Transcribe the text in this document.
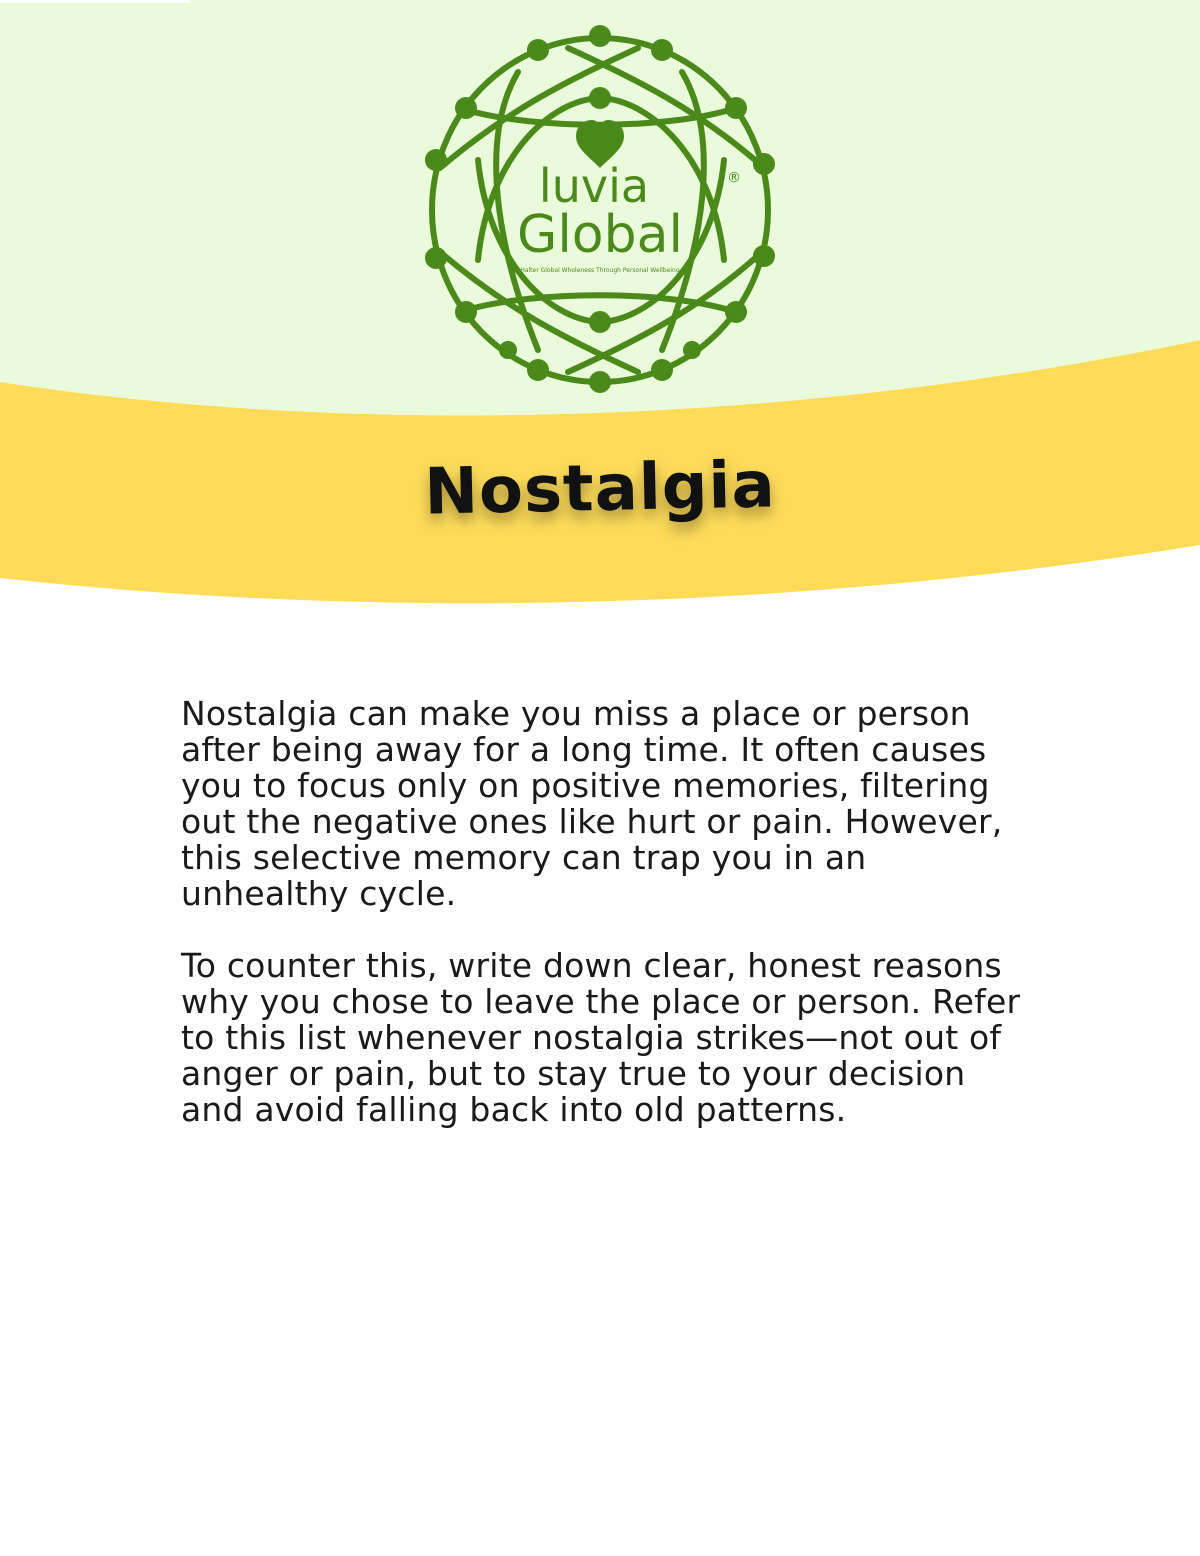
luvia
Global
®
...Halter Global Wholeness Through Personal Wellbeing...
Nostalgia

Nostalgia can make you miss a place or person after being away for a long time. It often causes you to focus only on positive memories, filtering out the negative ones like hurt or pain. However, this selective memory can trap you in an unhealthy cycle.

To counter this, write down clear, honest reasons why you chose to leave the place or person. Refer to this list whenever nostalgia strikes—not out of anger or pain, but to stay true to your decision and avoid falling back into old patterns.
